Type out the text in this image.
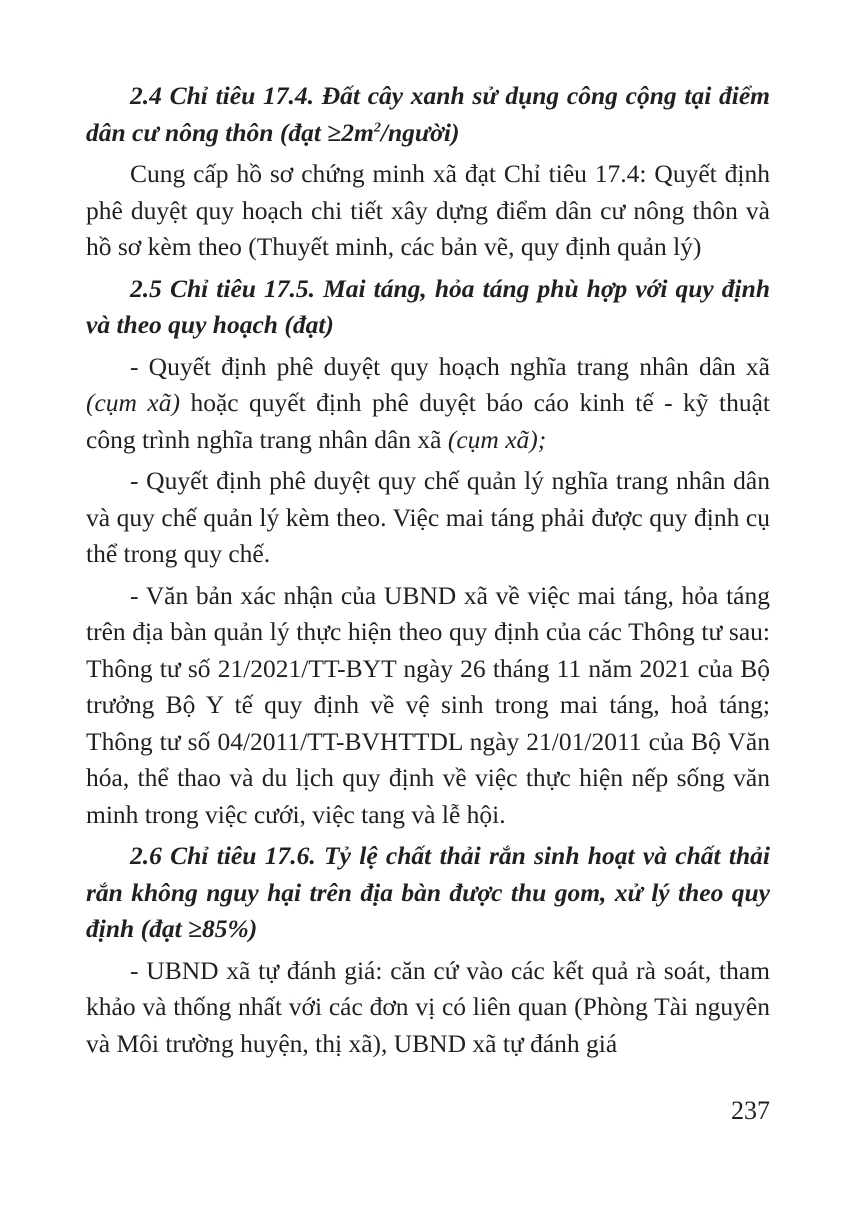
2.4 Chỉ tiêu 17.4. Đất cây xanh sử dụng công cộng tại điểm dân cư nông thôn (đạt $\ge 2m^2/người$)

Cung cấp hồ sơ chứng minh xã đạt Chỉ tiêu 17.4: Quyết định phê duyệt quy hoạch chi tiết xây dựng điểm dân cư nông thôn và hồ sơ kèm theo (Thuyết minh, các bản vẽ, quy định quản lý)

2.5 Chỉ tiêu 17.5. Mai táng, hỏa táng phù hợp với quy định và theo quy hoạch (đạt)

- Quyết định phê duyệt quy hoạch nghĩa trang nhân dân xã (cụm xã) hoặc quyết định phê duyệt báo cáo kinh tế - kỹ thuật công trình nghĩa trang nhân dân xã (cụm xã);

- Quyết định phê duyệt quy chế quản lý nghĩa trang nhân dân và quy chế quản lý kèm theo. Việc mai táng phải được quy định cụ thể trong quy chế.

- Văn bản xác nhận của UBND xã về việc mai táng, hỏa táng trên địa bàn quản lý thực hiện theo quy định của các Thông tư sau: Thông tư số 21/2021/TT-BYT ngày 26 tháng 11 năm 2021 của Bộ trưởng Bộ Y tế quy định về vệ sinh trong mai táng, hoả táng; Thông tư số 04/2011/TT-BVHTTDL ngày 21/01/2011 của Bộ Văn hóa, thể thao và du lịch quy định về việc thực hiện nếp sống văn minh trong việc cưới, việc tang và lễ hội.

2.6 Chỉ tiêu 17.6. Tỷ lệ chất thải rắn sinh hoạt và chất thải rắn không nguy hại trên địa bàn được thu gom, xử lý theo quy định (đạt ≥85%)

- UBND xã tự đánh giá: căn cứ vào các kết quả rà soát, tham khảo và thống nhất với các đơn vị có liên quan (Phòng Tài nguyên và Môi trường huyện, thị xã), UBND xã tự đánh giá

237
